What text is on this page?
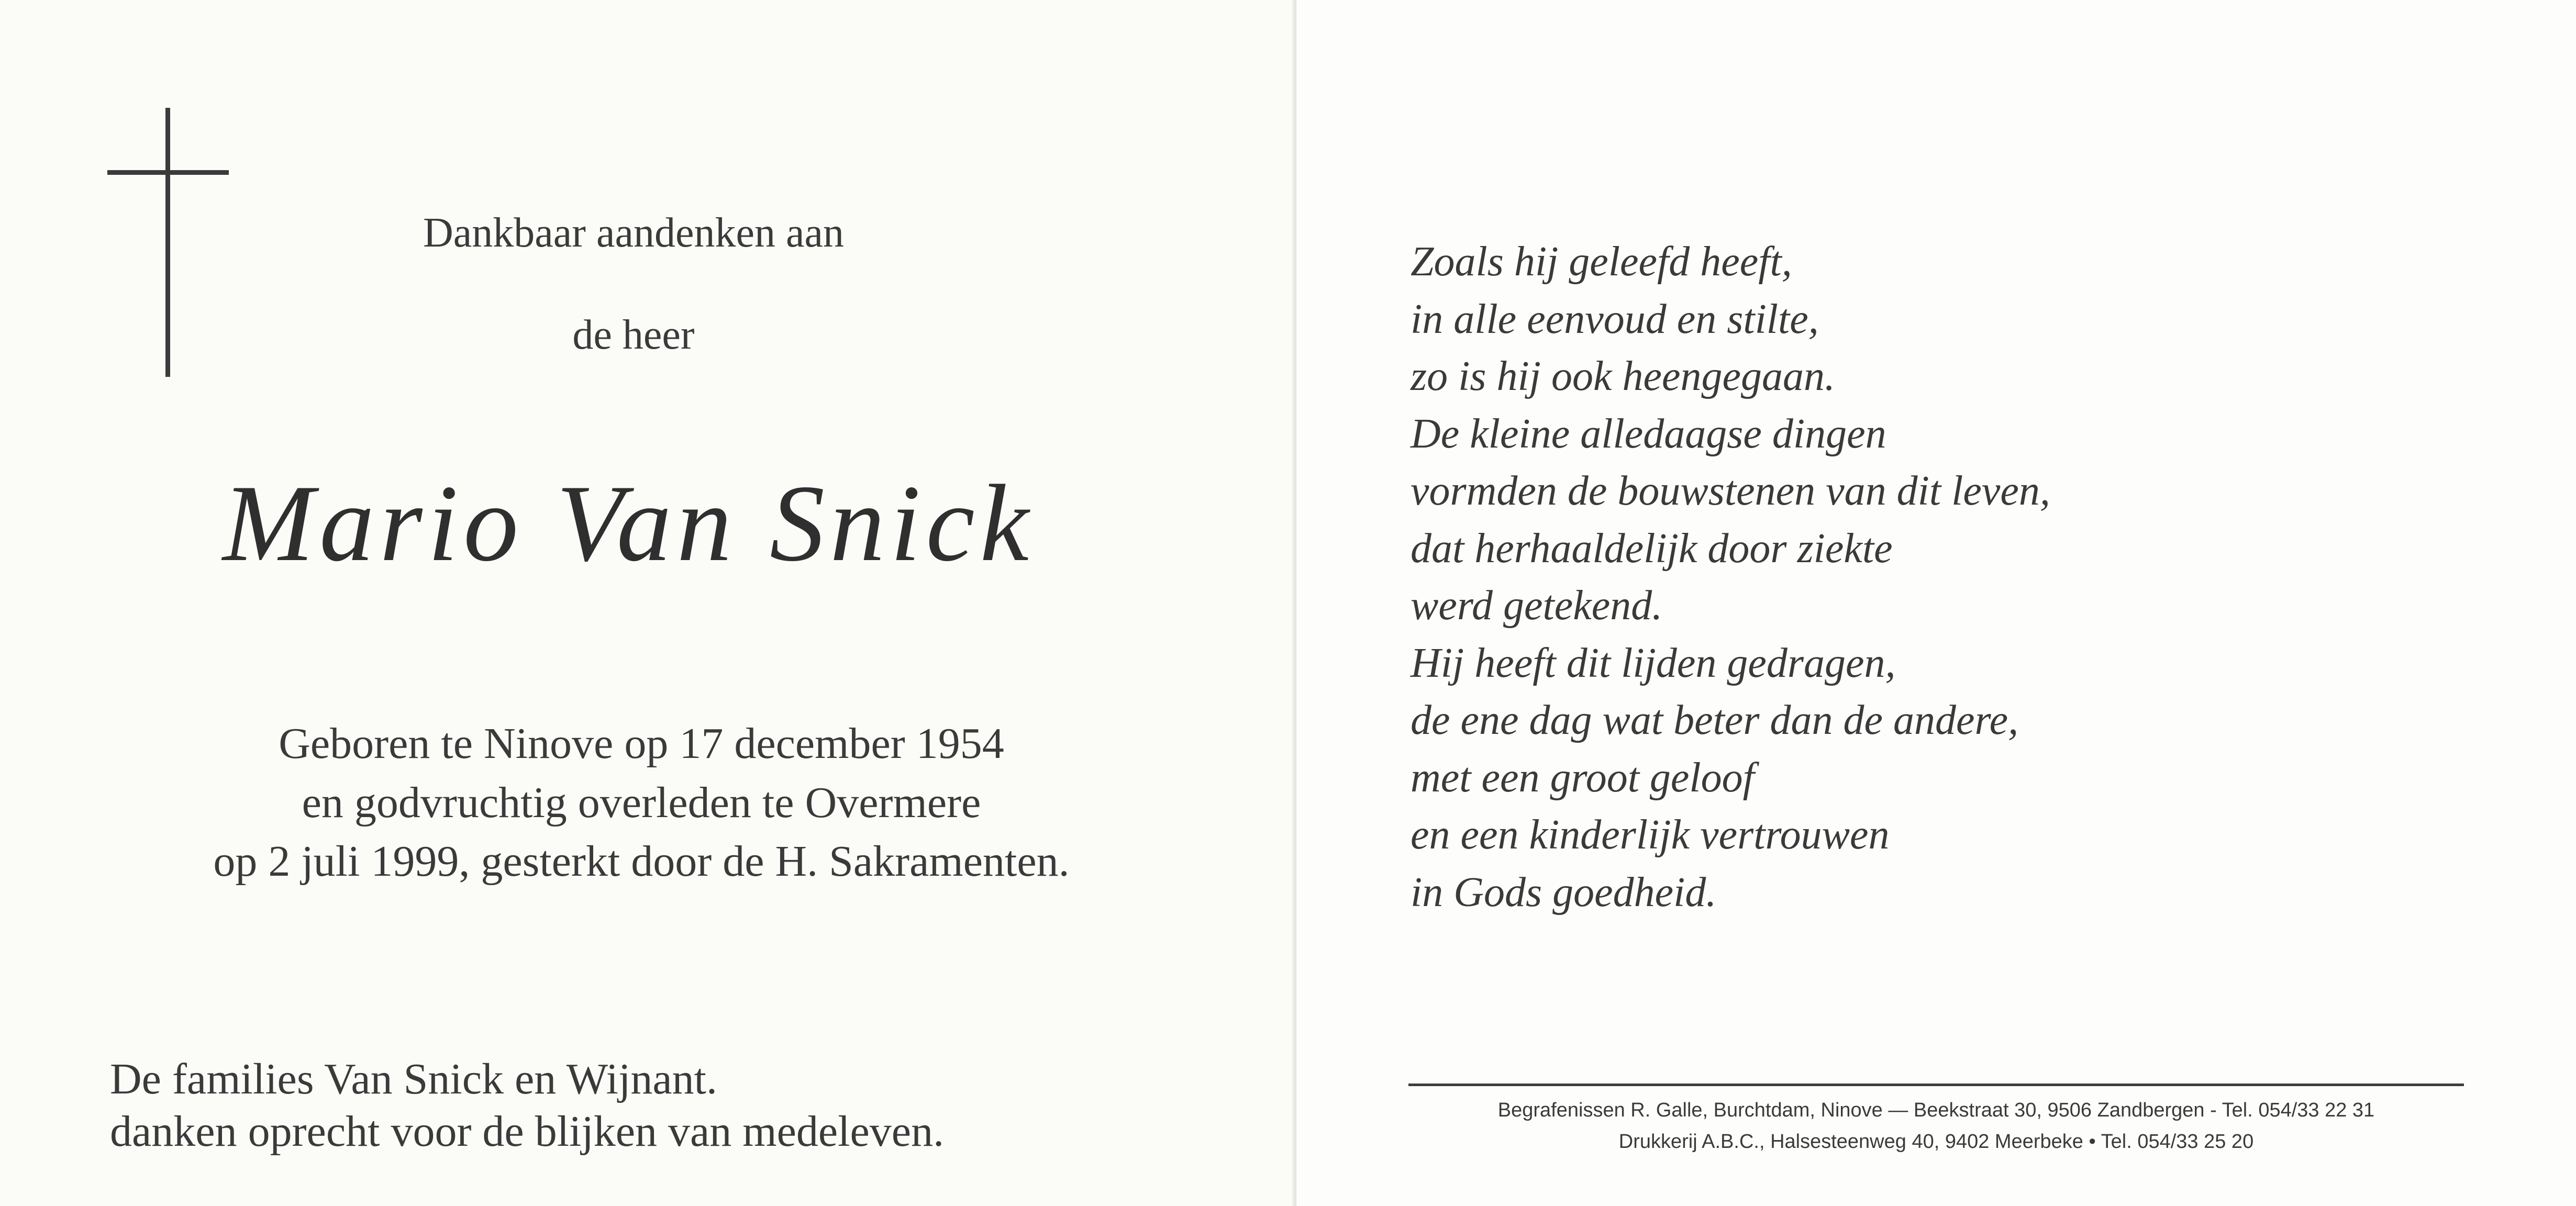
Dankbaar aandenken aan
de heer
Mario Van Snick
Geboren te Ninove op 17 december 1954
en godvruchtig overleden te Overmere
op 2 juli 1999, gesterkt door de H. Sakramenten.
De families Van Snick en Wijnant.
danken oprecht voor de blijken van medeleven.
Zoals hij geleefd heeft,
in alle eenvoud en stilte,
zo is hij ook heengegaan.
De kleine alledaagse dingen
vormden de bouwstenen van dit leven,
dat herhaaldelijk door ziekte
werd getekend.
Hij heeft dit lijden gedragen,
de ene dag wat beter dan de andere,
met een groot geloof
en een kinderlijk vertrouwen
in Gods goedheid.
Begrafenissen R. Galle, Burchtdam, Ninove — Beekstraat 30, 9506 Zandbergen - Tel. 054/33 22 31
Drukkerij A.B.C., Halsesteenweg 40, 9402 Meerbeke • Tel. 054/33 25 20
